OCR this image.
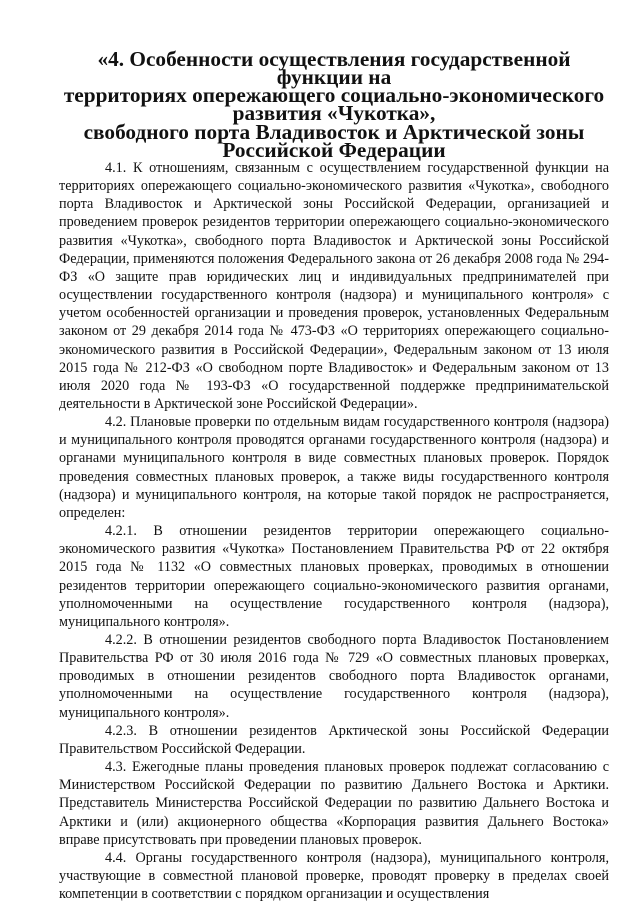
«4. Особенности осуществления государственной функции на
территориях опережающего социально-экономического развития «Чукотка»,
свободного порта Владивосток и Арктической зоны Российской Федерации

4.1. К отношениям, связанным с осуществлением государственной функции на территориях опережающего социально-экономического развития «Чукотка», свободного порта Владивосток и Арктической зоны Российской Федерации, организацией и проведением проверок резидентов территории опережающего социально-экономического развития «Чукотка», свободного порта Владивосток и Арктической зоны Российской Федерации, применяются положения Федерального закона от 26 декабря 2008 года № 294-ФЗ «О защите прав юридических лиц и индивидуальных предпринимателей при осуществлении государственного контроля (надзора) и муниципального контроля» с учетом особенностей организации и проведения проверок, установленных Федеральным законом от 29 декабря 2014 года № 473-ФЗ «О территориях опережающего социально-экономического развития в Российской Федерации», Федеральным законом от 13 июля 2015 года № 212-ФЗ «О свободном порте Владивосток» и Федеральным законом от 13 июля 2020 года № 193-ФЗ «О государственной поддержке предпринимательской деятельности в Арктической зоне Российской Федерации».

4.2. Плановые проверки по отдельным видам государственного контроля (надзора) и муниципального контроля проводятся органами государственного контроля (надзора) и органами муниципального контроля в виде совместных плановых проверок. Порядок проведения совместных плановых проверок, а также виды государственного контроля (надзора) и муниципального контроля, на которые такой порядок не распространяется, определен:

4.2.1. В отношении резидентов территории опережающего социально-экономического развития «Чукотка» Постановлением Правительства РФ от 22 октября 2015 года № 1132 «О совместных плановых проверках, проводимых в отношении резидентов территории опережающего социально-экономического развития органами, уполномоченными на осуществление государственного контроля (надзора), муниципального контроля».

4.2.2. В отношении резидентов свободного порта Владивосток Постановлением Правительства РФ от 30 июля 2016 года № 729 «О совместных плановых проверках, проводимых в отношении резидентов свободного порта Владивосток органами, уполномоченными на осуществление государственного контроля (надзора), муниципального контроля».

4.2.3. В отношении резидентов Арктической зоны Российской Федерации Правительством Российской Федерации.

4.3. Ежегодные планы проведения плановых проверок подлежат согласованию с Министерством Российской Федерации по развитию Дальнего Востока и Арктики. Представитель Министерства Российской Федерации по развитию Дальнего Востока и Арктики и (или) акционерного общества «Корпорация развития Дальнего Востока» вправе присутствовать при проведении плановых проверок.

4.4. Органы государственного контроля (надзора), муниципального контроля, участвующие в совместной плановой проверке, проводят проверку в пределах своей компетенции в соответствии с порядком организации и осуществления
